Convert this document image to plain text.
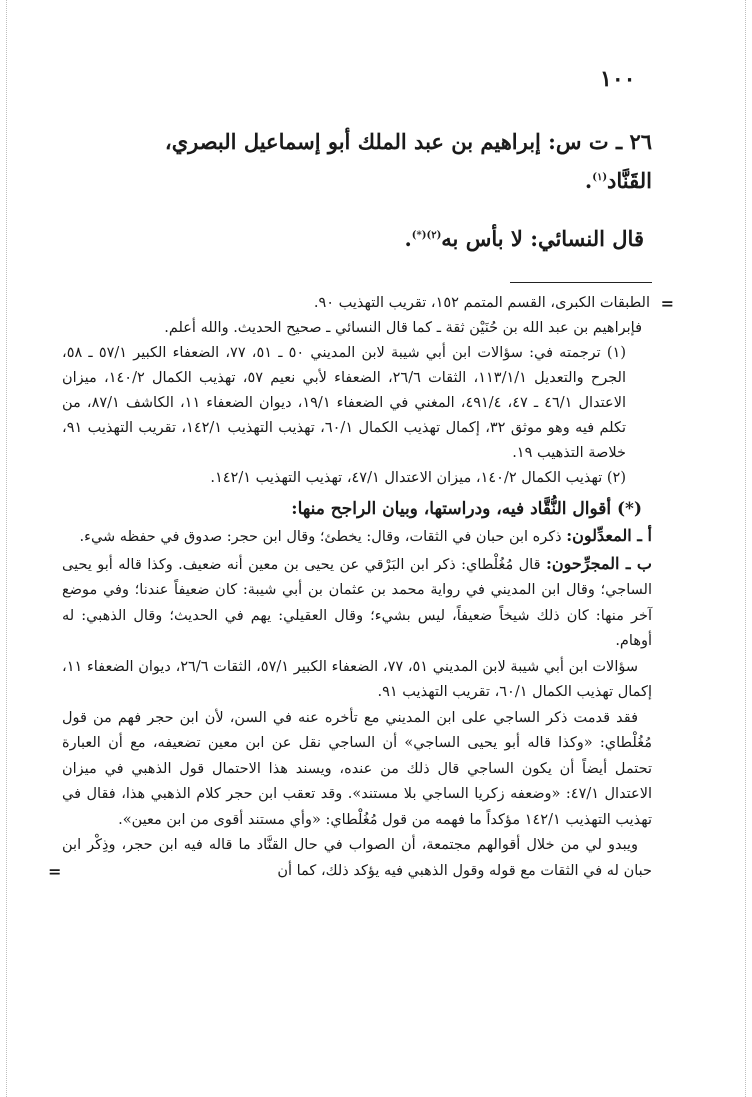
١٠٠

٢٦ ـ ت س: إبراهيم بن عبد الملك أبو إسماعيل البصري،
القَنَّاد$^{(١)}$.

قال النسائي: لا بأس به$^{(٢)(*)}$.

=
الطبقات الكبرى، القسم المتمم ١٥٢، تقريب التهذيب ٩٠.

فإبراهيم بن عبد الله بن حُنَيْن ثقة ـ كما قال النسائي ـ صحيح الحديث. والله أعلم.

(١) ترجمته في: سؤالات ابن أبي شيبة لابن المديني ٥٠ ـ ٥١، ٧٧، الضعفاء الكبير ٥٧/١ ـ ٥٨، الجرح والتعديل ١١٣/١/١، الثقات ٢٦/٦، الضعفاء لأبي نعيم ٥٧، تهذيب الكمال ١٤٠/٢، ميزان الاعتدال ٤٦/١ ـ ٤٧، ٤٩١/٤، المغني في الضعفاء ١٩/١، ديوان الضعفاء ١١، الكاشف ٨٧/١، من تكلم فيه وهو موثق ٣٢، إكمال تهذيب الكمال ٦٠/١، تهذيب التهذيب ١٤٢/١، تقريب التهذيب ٩١، خلاصة التذهيب ١٩.

(٢) تهذيب الكمال ١٤٠/٢، ميزان الاعتدال ٤٧/١، تهذيب التهذيب ١٤٢/١.

(*) أقوال النُّقَّاد فيه، ودراستها، وبيان الراجح منها:

أ ـ المعدِّلون: ذكره ابن حبان في الثقات، وقال: يخطئ؛ وقال ابن حجر: صدوق في حفظه شيء.

ب ـ المجرِّحون: قال مُغُلْطاي: ذكر ابن البَرْقي عن يحيى بن معين أنه ضعيف. وكذا قاله أبو يحيى الساجي؛ وقال ابن المديني في رواية محمد بن عثمان بن أبي شيبة: كان ضعيفاً عندنا؛ وفي موضع آخر منها: كان ذلك شيخاً ضعيفاً، ليس بشيء؛ وقال العقيلي: يهم في الحديث؛ وقال الذهبي: له أوهام.

سؤالات ابن أبي شيبة لابن المديني ٥١، ٧٧، الضعفاء الكبير ٥٧/١، الثقات ٢٦/٦، ديوان الضعفاء ١١، إكمال تهذيب الكمال ٦٠/١، تقريب التهذيب ٩١.

فقد قدمت ذكر الساجي على ابن المديني مع تأخره عنه في السن، لأن ابن حجر فهم من قول مُغُلْطاي: «وكذا قاله أبو يحيى الساجي» أن الساجي نقل عن ابن معين تضعيفه، مع أن العبارة تحتمل أيضاً أن يكون الساجي قال ذلك من عنده، ويسند هذا الاحتمال قول الذهبي في ميزان الاعتدال ٤٧/١: «وضعفه زكريا الساجي بلا مستند». وقد تعقب ابن حجر كلام الذهبي هذا، فقال في تهذيب التهذيب ١٤٢/١ مؤكداً ما فهمه من قول مُغُلْطاي: «وأي مستند أقوى من ابن معين».

ويبدو لي من خلال أقوالهم مجتمعة، أن الصواب في حال القنَّاد ما قاله فيه ابن حجر، وذِكْر ابن حبان له في الثقات مع قوله وقول الذهبي فيه يؤكد ذلك، كما أن
=
